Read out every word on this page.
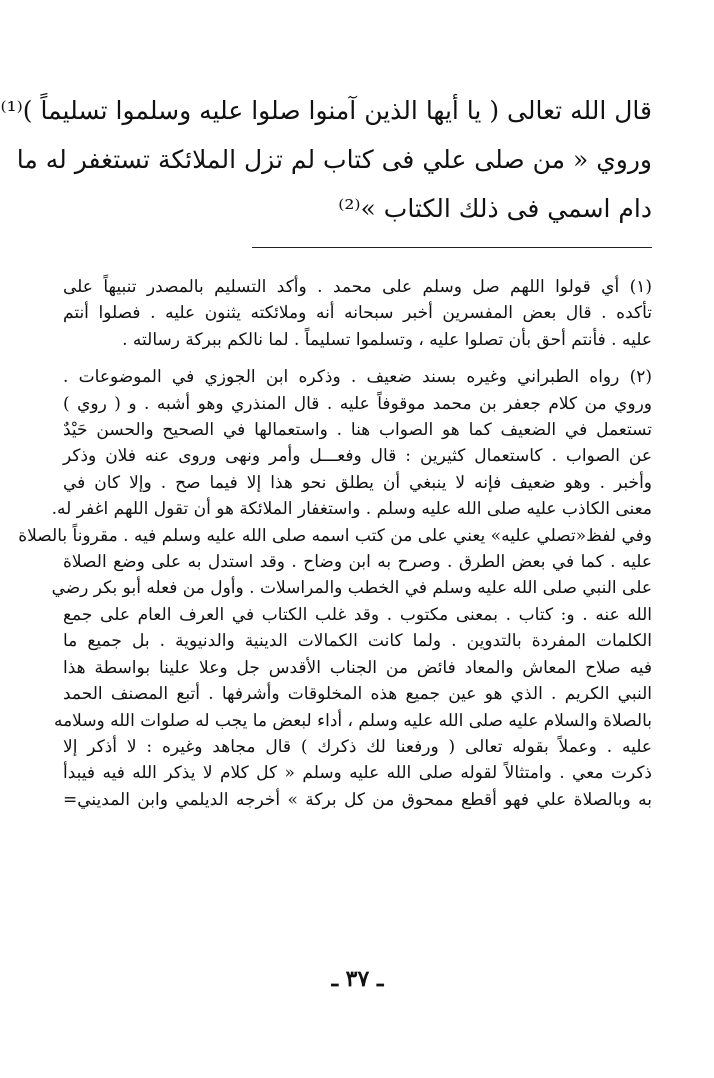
قال الله تعالى ( يا أيها الذين آمنوا صلوا عليه وسلموا تسليماً )⁽¹⁾
وروي « من صلى علي فى كتاب لم تزل الملائكة تستغفر له ما
دام اسمي فى ذلك الكتاب »⁽²⁾
(١) أي قولوا اللهم صل وسلم على محمد . وأكد التسليم بالمصدر تنبيهاً على
تأكده . قال بعض المفسرين أخبر سبحانه أنه وملائكته يثنون عليه . فصلوا أنتم
عليه . فأنتم أحق بأن تصلوا عليه ، وتسلموا تسليماً . لما نالكم ببركة رسالته .
(٢) رواه الطبراني وغيره بسند ضعيف . وذكره ابن الجوزي في الموضوعات .
وروي من كلام جعفر بن محمد موقوفاً عليه . قال المنذري وهو أشبه . و ( روي )
تستعمل في الضعيف كما هو الصواب هنا . واستعمالها في الصحيح والحسن حَيْدٌ
عن الصواب . كاستعمال كثيرين : قال وفعـــل وأمر ونهى وروى عنه فلان وذكر
وأخبر . وهو ضعيف فإنه لا ينبغي أن يطلق نحو هذا إلا فيما صح . وإلا كان في
معنى الكاذب عليه صلى الله عليه وسلم . واستغفار الملائكة هو أن تقول اللهم اغفر له.
وفي لفظ«تصلي عليه» يعني على من كتب اسمه صلى الله عليه وسلم فيه . مقروناً بالصلاة
عليه . كما في بعض الطرق . وصرح به ابن وضاح . وقد استدل به على وضع الصلاة
على النبي صلى الله عليه وسلم في الخطب والمراسلات . وأول من فعله أبو بكر رضي
الله عنه . و: كتاب . بمعنى مكتوب . وقد غلب الكتاب في العرف العام على جمع
الكلمات المفردة بالتدوين . ولما كانت الكمالات الدينية والدنيوية . بل جميع ما
فيه صلاح المعاش والمعاد فائض من الجناب الأقدس جل وعلا علينا بواسطة هذا
النبي الكريم . الذي هو عين جميع هذه المخلوقات وأشرفها . أتبع المصنف الحمد
بالصلاة والسلام عليه صلى الله عليه وسلم ، أداء لبعض ما يجب له صلوات الله وسلامه
عليه . وعملاً بقوله تعالى ( ورفعنا لك ذكرك ) قال مجاهد وغيره : لا أذكر إلا
ذكرت معي . وامتثالاً لقوله صلى الله عليه وسلم « كل كلام لا يذكر الله فيه فيبدأ
به وبالصلاة علي فهو أقطع ممحوق من كل بركة » أخرجه الديلمي وابن المديني=
ـ ٣٧ ـ
